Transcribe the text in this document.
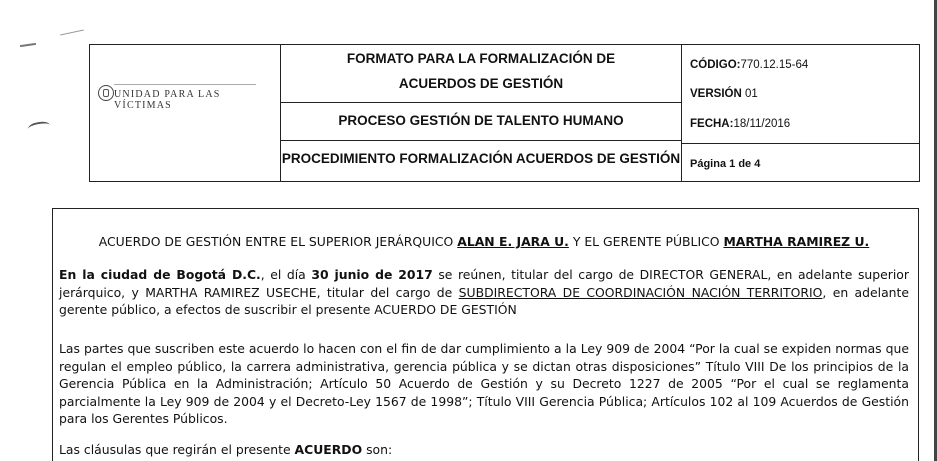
UNIDAD PARA LAS VÍCTIMAS
FORMATO PARA LA FORMALIZACIÓN DE
ACUERDOS DE GESTIÓN
PROCESO GESTIÓN DE TALENTO HUMANO
PROCEDIMIENTO FORMALIZACIÓN ACUERDOS DE GESTIÓN
CÓDIGO:770.12.15-64
VERSIÓN 01
FECHA:18/11/2016
Página 1 de 4

ACUERDO DE GESTIÓN ENTRE EL SUPERIOR JERÁRQUICO ALAN E. JARA U. Y EL GERENTE PÚBLICO MARTHA RAMIREZ U.

En la ciudad de Bogotá D.C., el día 30 junio de 2017 se reúnen, titular del cargo de DIRECTOR GENERAL, en adelante superior jerárquico, y MARTHA RAMIREZ USECHE, titular del cargo de SUBDIRECTORA DE COORDINACIÓN NACIÓN TERRITORIO, en adelante gerente público, a efectos de suscribir el presente ACUERDO DE GESTIÓN

Las partes que suscriben este acuerdo lo hacen con el fin de dar cumplimiento a la Ley 909 de 2004 “Por la cual se expiden normas que regulan el empleo público, la carrera administrativa, gerencia pública y se dictan otras disposiciones” Título VIII De los principios de la Gerencia Pública en la Administración; Artículo 50 Acuerdo de Gestión y su Decreto 1227 de 2005 “Por el cual se reglamenta parcialmente la Ley 909 de 2004 y el Decreto-Ley 1567 de 1998”; Título VIII Gerencia Pública; Artículos 102 al 109 Acuerdos de Gestión para los Gerentes Públicos.

Las cláusulas que regirán el presente ACUERDO son:
